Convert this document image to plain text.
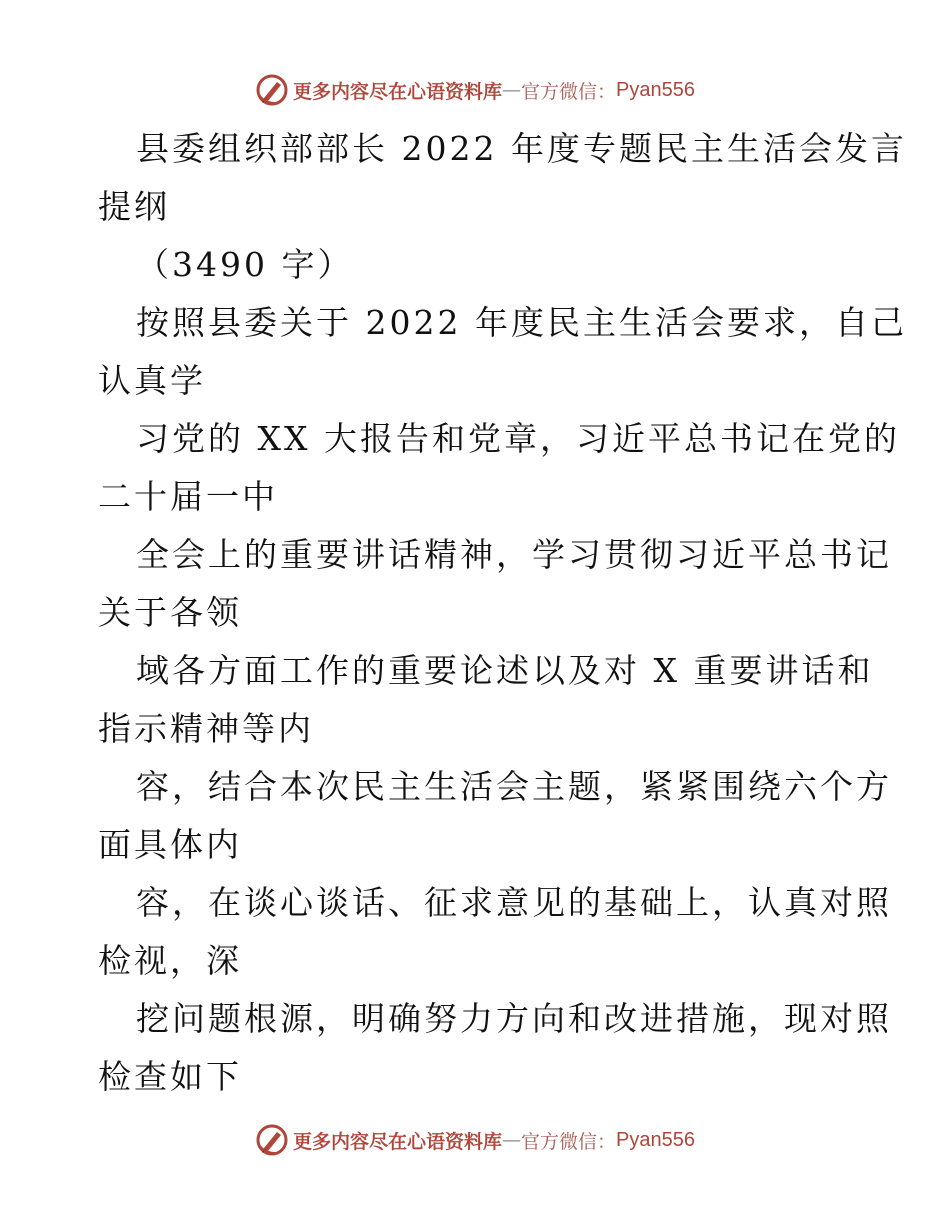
更多内容尽在心语资料库 — 官方微信： Pyan556
县委组织部部长 2022 年度专题民主生活会发言
提纲
（3490 字）
按照县委关于 2022 年度民主生活会要求，自己
认真学
习党的 XX 大报告和党章，习近平总书记在党的
二十届一中
全会上的重要讲话精神，学习贯彻习近平总书记
关于各领
域各方面工作的重要论述以及对 X 重要讲话和
指示精神等内
容，结合本次民主生活会主题，紧紧围绕六个方
面具体内
容，在谈心谈话、征求意见的基础上，认真对照
检视，深
挖问题根源，明确努力方向和改进措施，现对照
检查如下
更多内容尽在心语资料库 — 官方微信： Pyan556
